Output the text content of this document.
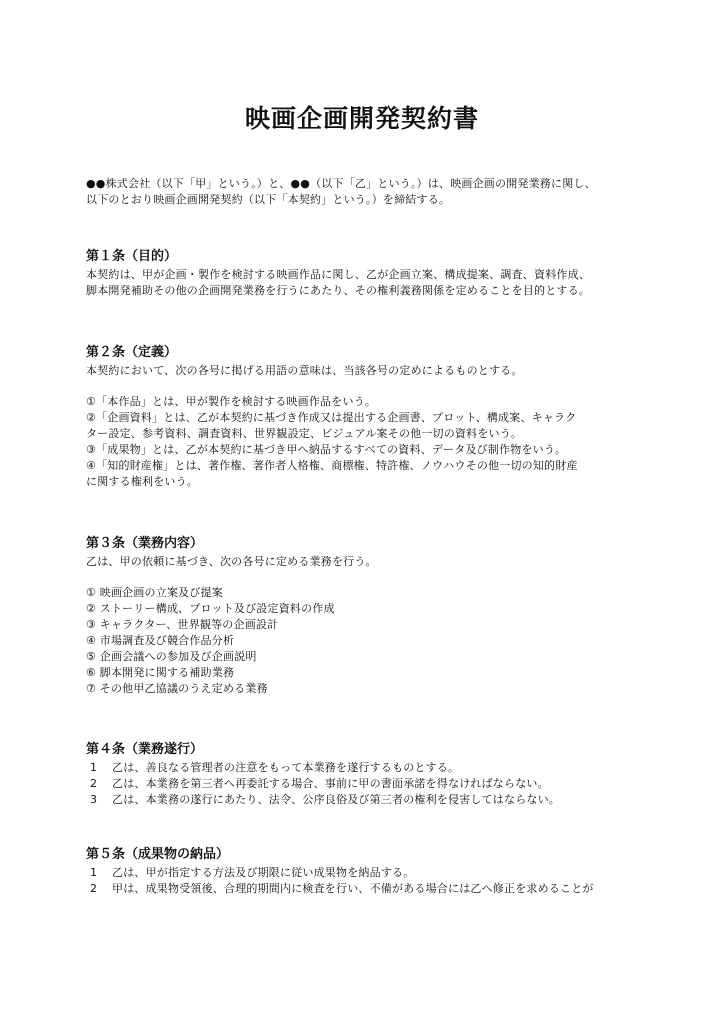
映画企画開発契約書

●●株式会社（以下「甲」という。）と、●●（以下「乙」という。）は、映画企画の開発業務に関し、

以下のとおり映画企画開発契約（以下「本契約」という。）を締結する。

第１条（目的）

本契約は、甲が企画・製作を検討する映画作品に関し、乙が企画立案、構成提案、調査、資料作成、

脚本開発補助その他の企画開発業務を行うにあたり、その権利義務関係を定めることを目的とする。

第２条（定義）

本契約において、次の各号に掲げる用語の意味は、当該各号の定めによるものとする。

①「本作品」とは、甲が製作を検討する映画作品をいう。

②「企画資料」とは、乙が本契約に基づき作成又は提出する企画書、プロット、構成案、キャラク

ター設定、参考資料、調査資料、世界観設定、ビジュアル案その他一切の資料をいう。

③「成果物」とは、乙が本契約に基づき甲へ納品するすべての資料、データ及び制作物をいう。

④「知的財産権」とは、著作権、著作者人格権、商標権、特許権、ノウハウその他一切の知的財産

に関する権利をいう。

第３条（業務内容）

乙は、甲の依頼に基づき、次の各号に定める業務を行う。

① 映画企画の立案及び提案

② ストーリー構成、プロット及び設定資料の作成

③ キャラクター、世界観等の企画設計

④ 市場調査及び競合作品分析

⑤ 企画会議への参加及び企画説明

⑥ 脚本開発に関する補助業務

⑦ その他甲乙協議のうえ定める業務

第４条（業務遂行）

1 乙は、善良なる管理者の注意をもって本業務を遂行するものとする。

2 乙は、本業務を第三者へ再委託する場合、事前に甲の書面承諾を得なければならない。

3 乙は、本業務の遂行にあたり、法令、公序良俗及び第三者の権利を侵害してはならない。

第５条（成果物の納品）

1 乙は、甲が指定する方法及び期限に従い成果物を納品する。

2 甲は、成果物受領後、合理的期間内に検査を行い、不備がある場合には乙へ修正を求めることが
